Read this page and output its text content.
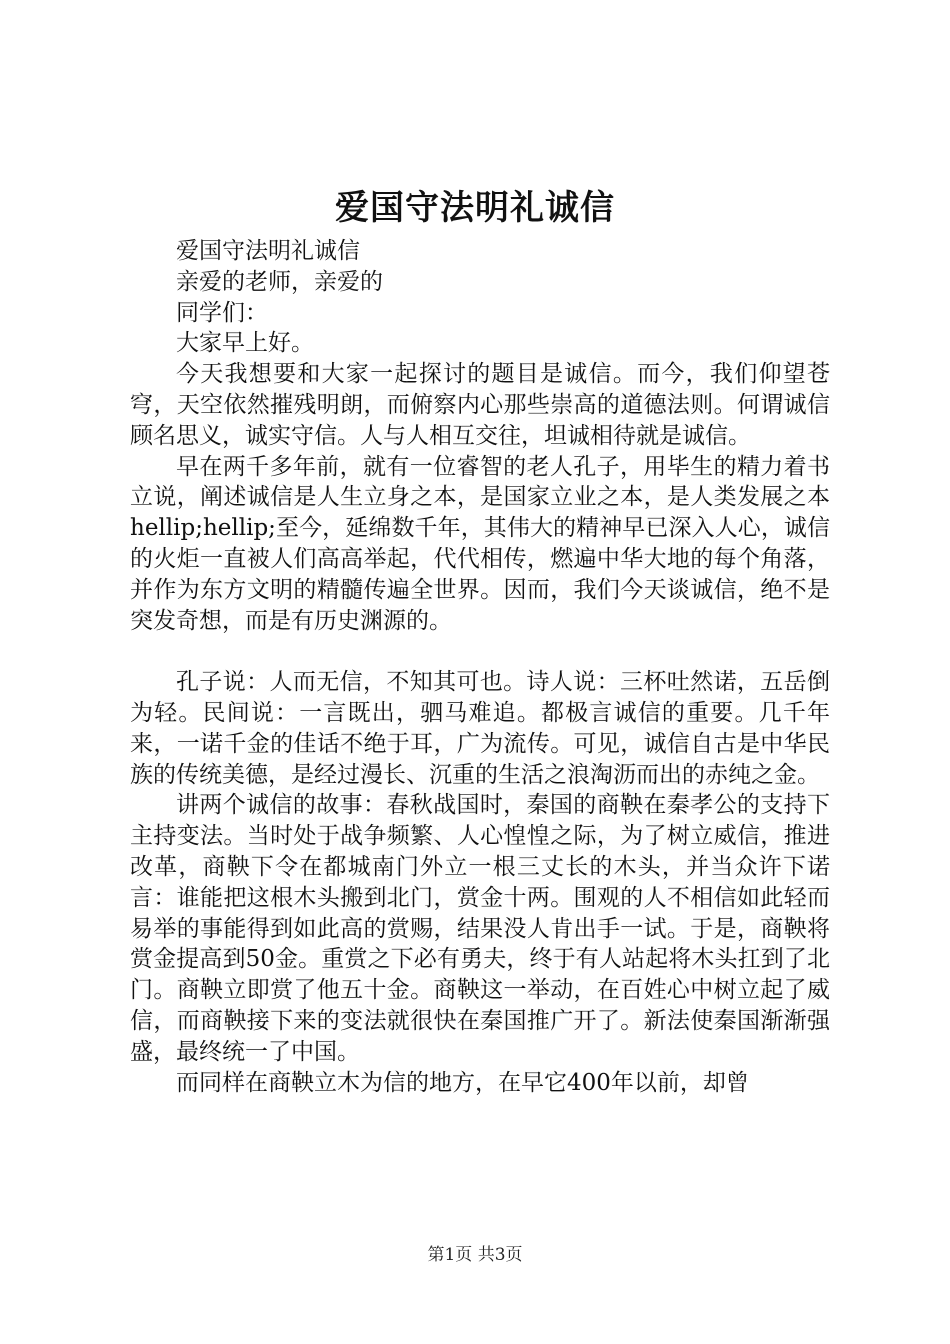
爱国守法明礼诚信

爱国守法明礼诚信

亲爱的老师，亲爱的

同学们：

大家早上好。

今天我想要和大家一起探讨的题目是诚信。而今，我们仰望苍穹，天空依然摧残明朗，而俯察内心那些崇高的道德法则。何谓诚信顾名思义，诚实守信。人与人相互交往，坦诚相待就是诚信。

早在两千多年前，就有一位睿智的老人孔子，用毕生的精力着书立说，阐述诚信是人生立身之本，是国家立业之本，是人类发展之本hellip;hellip;至今，延绵数千年，其伟大的精神早已深入人心，诚信的火炬一直被人们高高举起，代代相传，燃遍中华大地的每个角落，并作为东方文明的精髓传遍全世界。因而，我们今天谈诚信，绝不是突发奇想，而是有历史渊源的。

孔子说：人而无信，不知其可也。诗人说：三杯吐然诺，五岳倒为轻。民间说：一言既出，驷马难追。都极言诚信的重要。几千年来，一诺千金的佳话不绝于耳，广为流传。可见，诚信自古是中华民族的传统美德，是经过漫长、沉重的生活之浪淘沥而出的赤纯之金。

讲两个诚信的故事：春秋战国时，秦国的商鞅在秦孝公的支持下主持变法。当时处于战争频繁、人心惶惶之际，为了树立威信，推进改革，商鞅下令在都城南门外立一根三丈长的木头，并当众许下诺言：谁能把这根木头搬到北门，赏金十两。围观的人不相信如此轻而易举的事能得到如此高的赏赐，结果没人肯出手一试。于是，商鞅将赏金提高到50金。重赏之下必有勇夫，终于有人站起将木头扛到了北门。商鞅立即赏了他五十金。商鞅这一举动，在百姓心中树立起了威信，而商鞅接下来的变法就很快在秦国推广开了。新法使秦国渐渐强盛，最终统一了中国。

而同样在商鞅立木为信的地方，在早它400年以前，却曾

第1页 共3页
